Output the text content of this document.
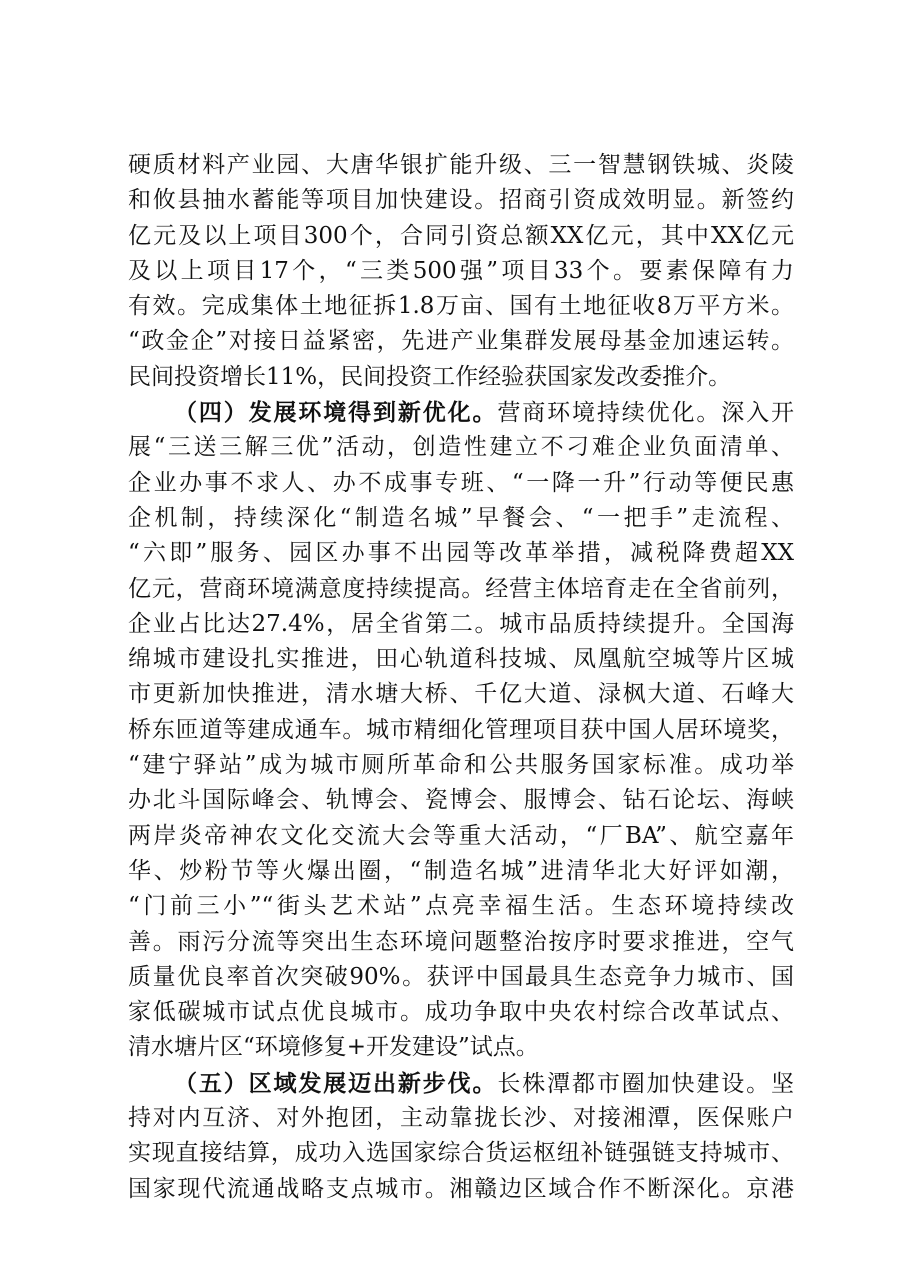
硬质材料产业园、大唐华银扩能升级、三一智慧钢铁城、炎陵
和攸县抽水蓄能等项目加快建设。招商引资成效明显。新签约
亿元及以上项目300个，合同引资总额XX亿元，其中XX亿元
及以上项目17个，“三类500强”项目33个。要素保障有力
有效。完成集体土地征拆1.8万亩、国有土地征收8万平方米。
“政金企”对接日益紧密，先进产业集群发展母基金加速运转。
民间投资增长11%，民间投资工作经验获国家发改委推介。
（四）发展环境得到新优化。营商环境持续优化。深入开
展“三送三解三优”活动，创造性建立不刁难企业负面清单、
企业办事不求人、办不成事专班、“一降一升”行动等便民惠
企机制，持续深化“制造名城”早餐会、“一把手”走流程、
“六即”服务、园区办事不出园等改革举措，减税降费超XX
亿元，营商环境满意度持续提高。经营主体培育走在全省前列，
企业占比达27.4%，居全省第二。城市品质持续提升。全国海
绵城市建设扎实推进，田心轨道科技城、凤凰航空城等片区城
市更新加快推进，清水塘大桥、千亿大道、渌枫大道、石峰大
桥东匝道等建成通车。城市精细化管理项目获中国人居环境奖，
“建宁驿站”成为城市厕所革命和公共服务国家标准。成功举
办北斗国际峰会、轨博会、瓷博会、服博会、钻石论坛、海峡
两岸炎帝神农文化交流大会等重大活动，“厂BA”、航空嘉年
华、炒粉节等火爆出圈，“制造名城”进清华北大好评如潮，
“门前三小”“街头艺术站”点亮幸福生活。生态环境持续改
善。雨污分流等突出生态环境问题整治按序时要求推进，空气
质量优良率首次突破90%。获评中国最具生态竞争力城市、国
家低碳城市试点优良城市。成功争取中央农村综合改革试点、
清水塘片区“环境修复+开发建设”试点。
（五）区域发展迈出新步伐。长株潭都市圈加快建设。坚
持对内互济、对外抱团，主动靠拢长沙、对接湘潭，医保账户
实现直接结算，成功入选国家综合货运枢纽补链强链支持城市、
国家现代流通战略支点城市。湘赣边区域合作不断深化。京港
